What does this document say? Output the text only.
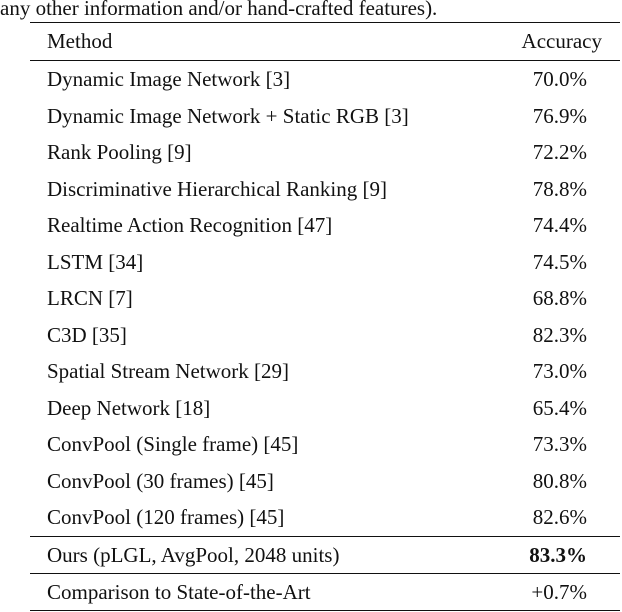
any other information and/or hand-crafted features).
Method	Accuracy
Dynamic Image Network [3]	70.0%
Dynamic Image Network + Static RGB [3]	76.9%
Rank Pooling [9]	72.2%
Discriminative Hierarchical Ranking [9]	78.8%
Realtime Action Recognition [47]	74.4%
LSTM [34]	74.5%
LRCN [7]	68.8%
C3D [35]	82.3%
Spatial Stream Network [29]	73.0%
Deep Network [18]	65.4%
ConvPool (Single frame) [45]	73.3%
ConvPool (30 frames) [45]	80.8%
ConvPool (120 frames) [45]	82.6%
Ours (pLGL, AvgPool, 2048 units)	83.3%
Comparison to State-of-the-Art	+0.7%
